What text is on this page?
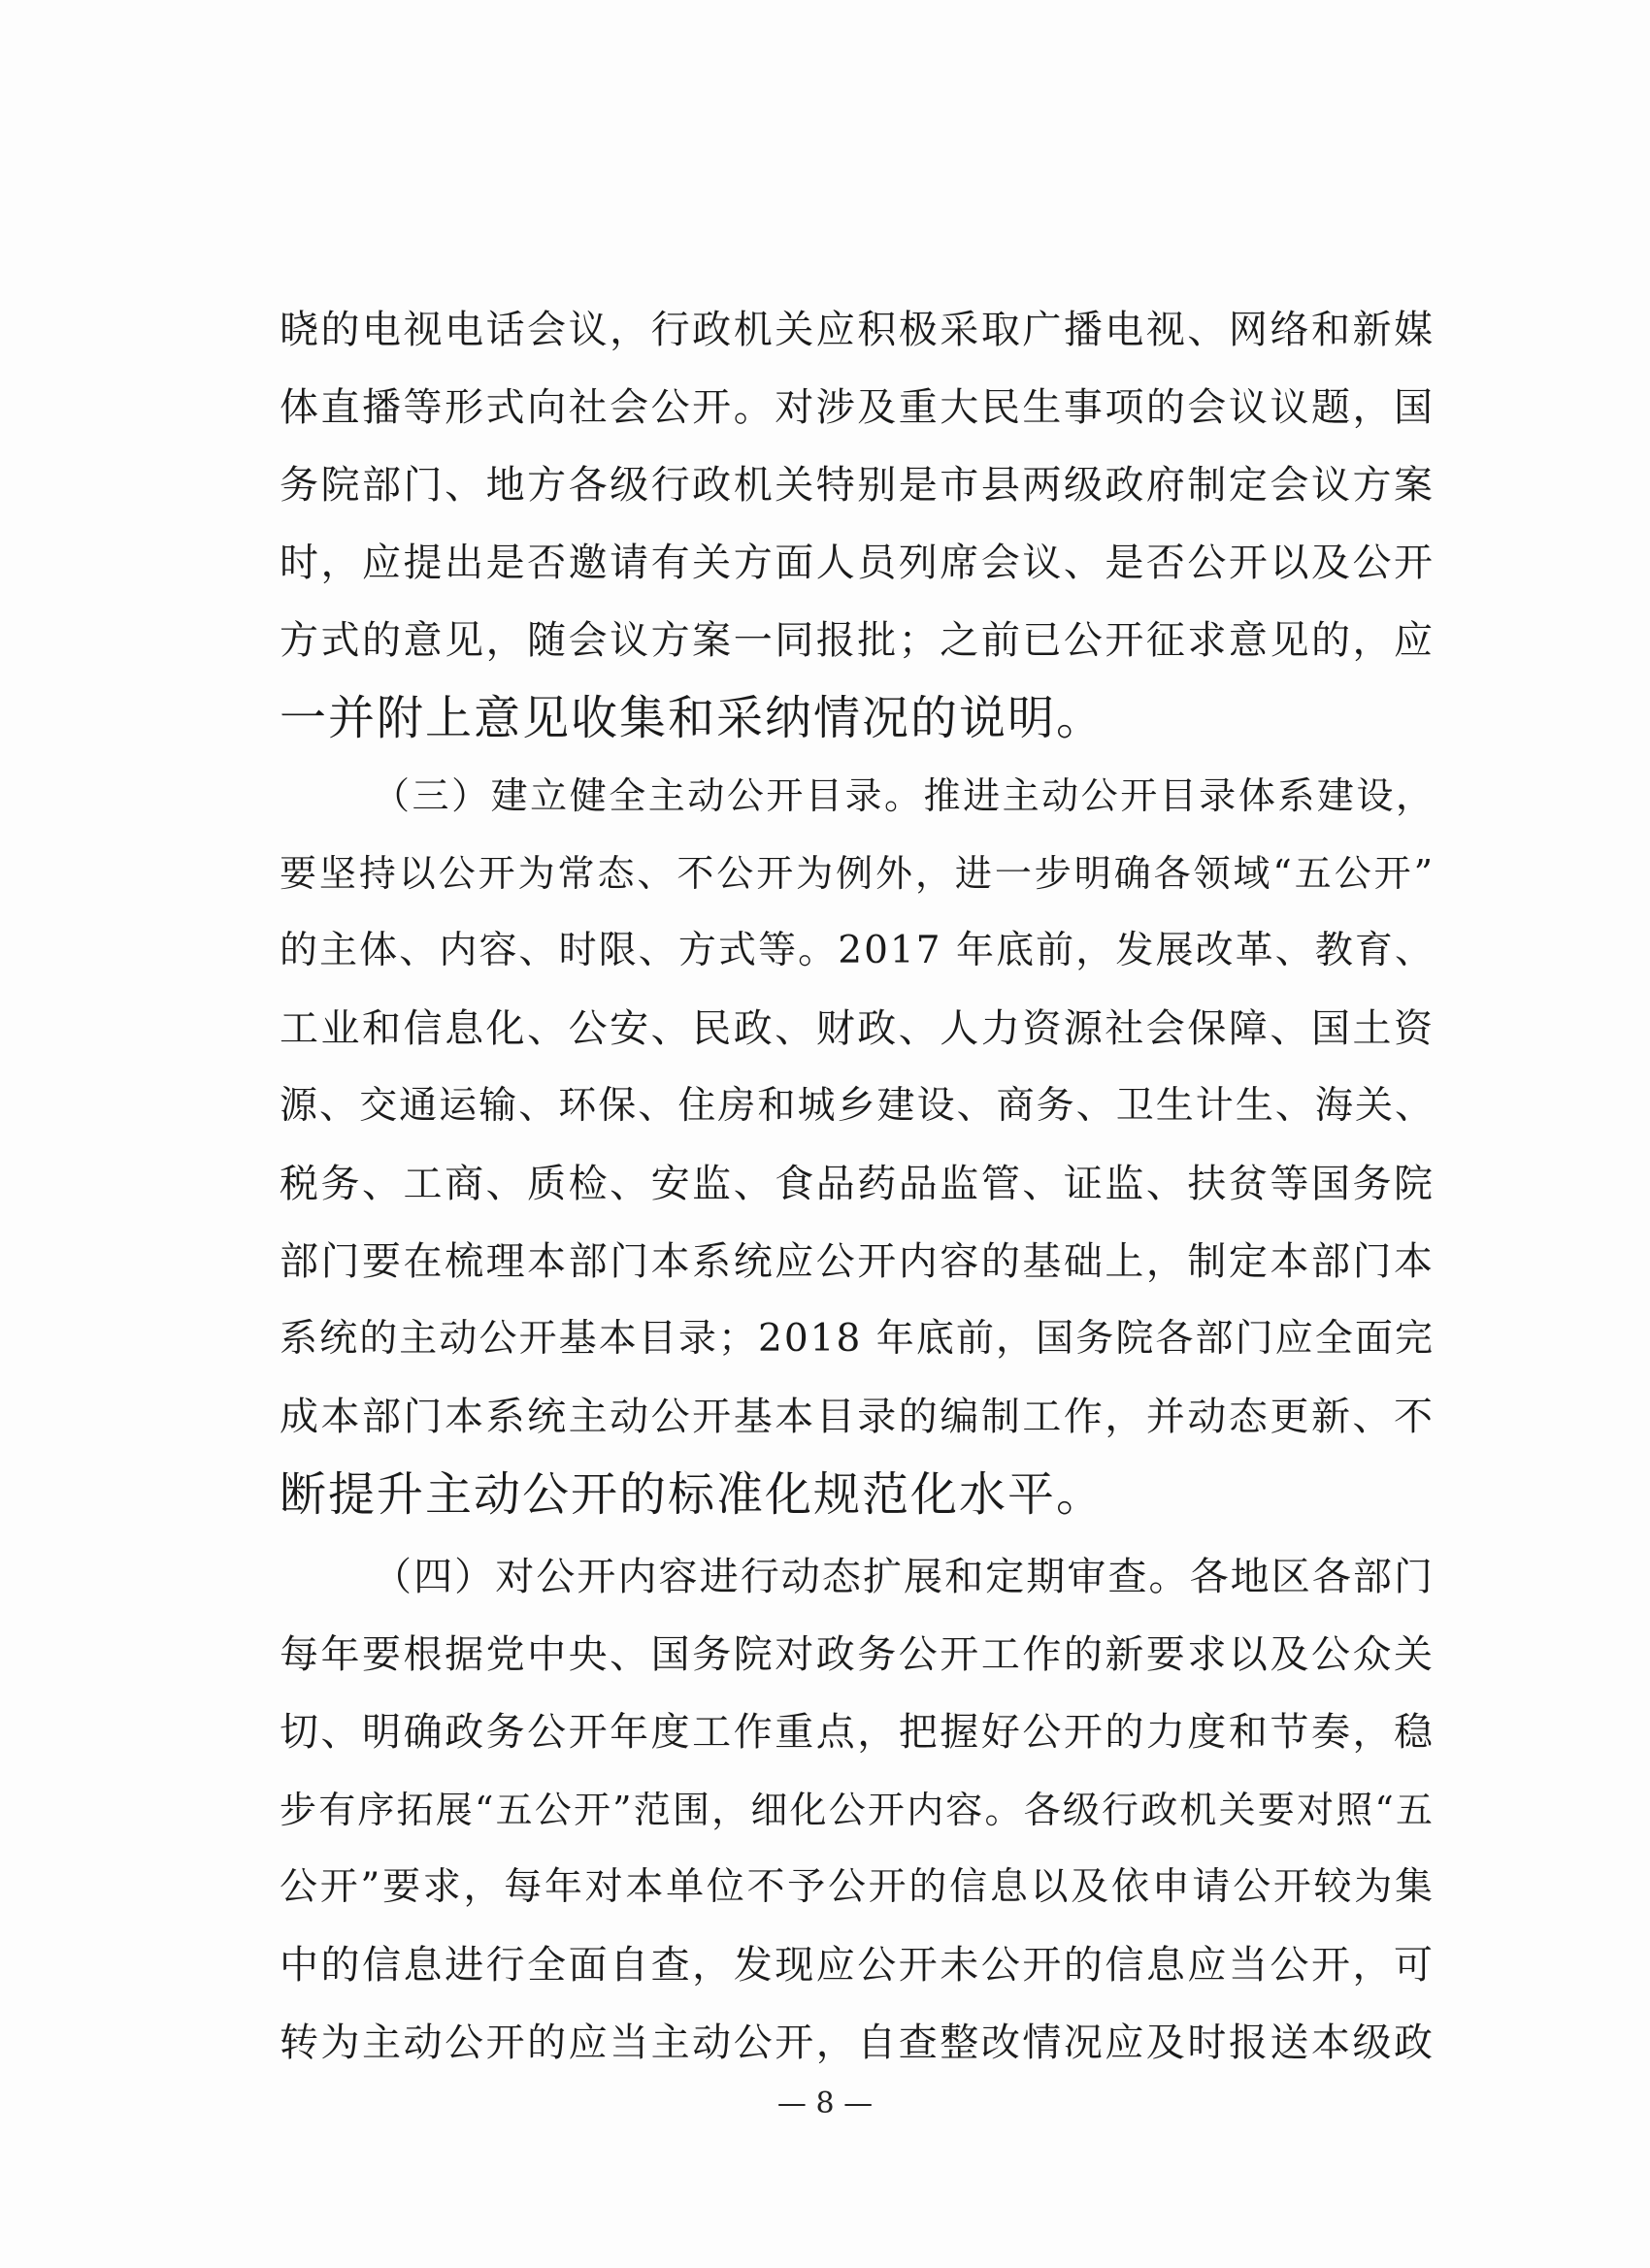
晓的电视电话会议，行政机关应积极采取广播电视、网络和新媒
体直播等形式向社会公开。对涉及重大民生事项的会议议题，国
务院部门、地方各级行政机关特别是市县两级政府制定会议方案
时，应提出是否邀请有关方面人员列席会议、是否公开以及公开
方式的意见，随会议方案一同报批；之前已公开征求意见的，应
一并附上意见收集和采纳情况的说明。
（三）建立健全主动公开目录。推进主动公开目录体系建设，
要坚持以公开为常态、不公开为例外，进一步明确各领域“五公开”
的主体、内容、时限、方式等。2017 年底前，发展改革、教育、
工业和信息化、公安、民政、财政、人力资源社会保障、国土资
源、交通运输、环保、住房和城乡建设、商务、卫生计生、海关、
税务、工商、质检、安监、食品药品监管、证监、扶贫等国务院
部门要在梳理本部门本系统应公开内容的基础上，制定本部门本
系统的主动公开基本目录；2018 年底前，国务院各部门应全面完
成本部门本系统主动公开基本目录的编制工作，并动态更新、不
断提升主动公开的标准化规范化水平。
（四）对公开内容进行动态扩展和定期审查。各地区各部门
每年要根据党中央、国务院对政务公开工作的新要求以及公众关
切、明确政务公开年度工作重点，把握好公开的力度和节奏，稳
步有序拓展“五公开”范围，细化公开内容。各级行政机关要对照“五
公开”要求，每年对本单位不予公开的信息以及依申请公开较为集
中的信息进行全面自查，发现应公开未公开的信息应当公开，可
转为主动公开的应当主动公开，自查整改情况应及时报送本级政
— 8 —
